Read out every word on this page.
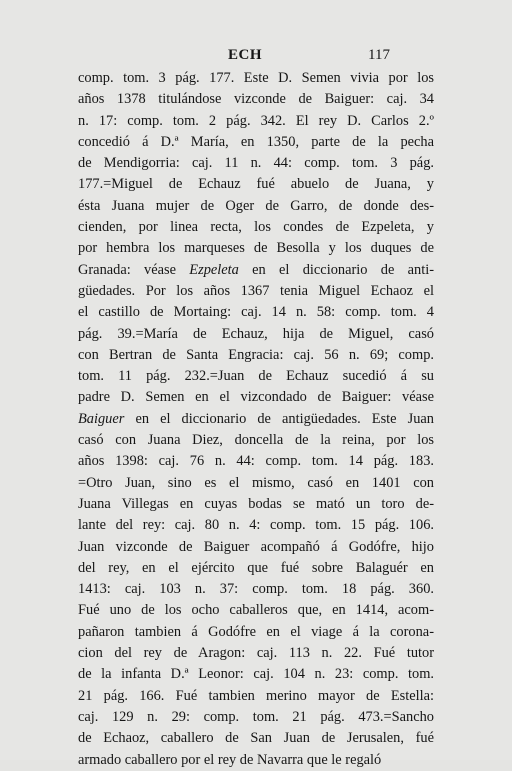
ECH	117
comp. tom. 3 pág. 177. Este D. Semen vivia por los
años 1378 titulándose vizconde de Baiguer: caj. 34
n. 17: comp. tom. 2 pág. 342. El rey D. Carlos 2.º
concedió á D.ª María, en 1350, parte de la pecha
de Mendigorria: caj. 11 n. 44: comp. tom. 3 pág.
177.=Miguel de Echauz fué abuelo de Juana, y
ésta Juana mujer de Oger de Garro, de donde des-
cienden, por linea recta, los condes de Ezpeleta, y
por hembra los marqueses de Besolla y los duques de
Granada: véase Ezpeleta en el diccionario de anti-
güedades. Por los años 1367 tenia Miguel Echaoz el
el castillo de Mortaing: caj. 14 n. 58: comp. tom. 4
pág. 39.=María de Echauz, hija de Miguel, casó
con Bertran de Santa Engracia: caj. 56 n. 69; comp.
tom. 11 pág. 232.=Juan de Echauz sucedió á su
padre D. Semen en el vizcondado de Baiguer: véase
Baiguer en el diccionario de antigüedades. Este Juan
casó con Juana Diez, doncella de la reina, por los
años 1398: caj. 76 n. 44: comp. tom. 14 pág. 183.
=Otro Juan, sino es el mismo, casó en 1401 con
Juana Villegas en cuyas bodas se mató un toro de-
lante del rey: caj. 80 n. 4: comp. tom. 15 pág. 106.
Juan vizconde de Baiguer acompañó á Godófre, hijo
del rey, en el ejército que fué sobre Balaguér en
1413: caj. 103 n. 37: comp. tom. 18 pág. 360.
Fué uno de los ocho caballeros que, en 1414, acom-
pañaron tambien á Godófre en el viage á la corona-
cion del rey de Aragon: caj. 113 n. 22. Fué tutor
de la infanta D.ª Leonor: caj. 104 n. 23: comp. tom.
21 pág. 166. Fué tambien merino mayor de Estella:
caj. 129 n. 29: comp. tom. 21 pág. 473.=Sancho
de Echaoz, caballero de San Juan de Jerusalen, fué
armado caballero por el rey de Navarra que le regaló
